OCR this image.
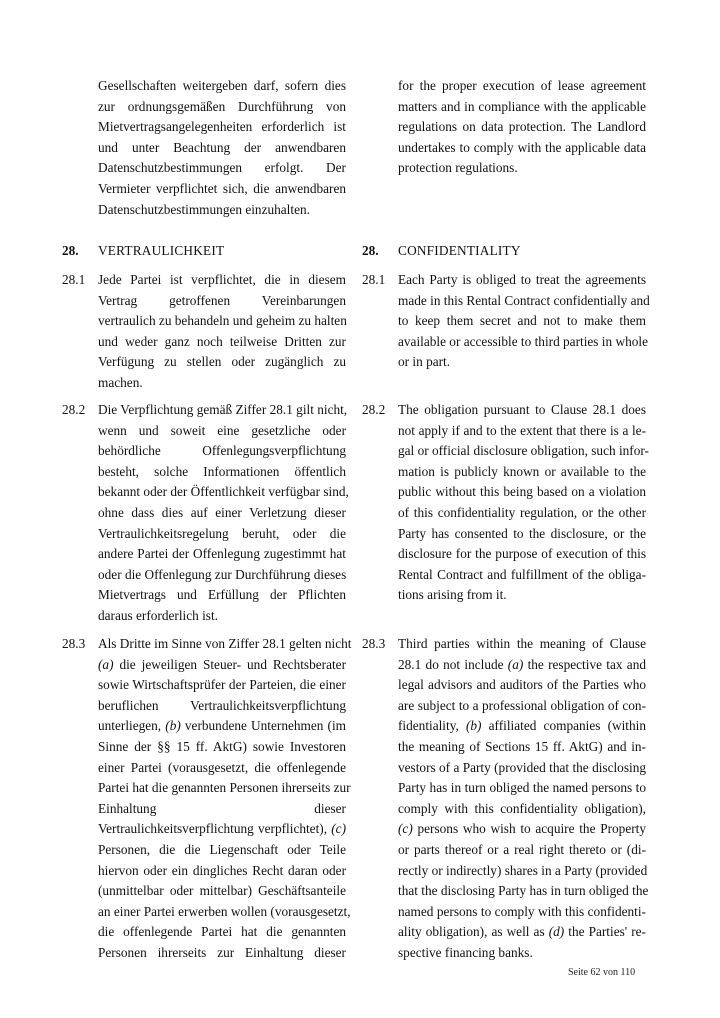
Gesellschaften weitergeben darf, sofern dies
zur ordnungsgemäßen Durchführung von
Mietvertragsangelegenheiten erforderlich ist
und unter Beachtung der anwendbaren
Datenschutzbestimmungen erfolgt. Der
Vermieter verpflichtet sich, die anwendbaren
Datenschutzbestimmungen einzuhalten.
28. VERTRAULICHKEIT
28.1 Jede Partei ist verpflichtet, die in diesem
Vertrag getroffenen Vereinbarungen
vertraulich zu behandeln und geheim zu halten
und weder ganz noch teilweise Dritten zur
Verfügung zu stellen oder zugänglich zu
machen.
28.2 Die Verpflichtung gemäß Ziffer 28.1 gilt nicht,
wenn und soweit eine gesetzliche oder
behördliche Offenlegungsverpflichtung
besteht, solche Informationen öffentlich
bekannt oder der Öffentlichkeit verfügbar sind,
ohne dass dies auf einer Verletzung dieser
Vertraulichkeitsregelung beruht, oder die
andere Partei der Offenlegung zugestimmt hat
oder die Offenlegung zur Durchführung dieses
Mietvertrags und Erfüllung der Pflichten
daraus erforderlich ist.
28.3 Als Dritte im Sinne von Ziffer 28.1 gelten nicht
(a) die jeweiligen Steuer- und Rechtsberater
sowie Wirtschaftsprüfer der Parteien, die einer
beruflichen Vertraulichkeitsverpflichtung
unterliegen, (b) verbundene Unternehmen (im
Sinne der §§ 15 ff. AktG) sowie Investoren
einer Partei (vorausgesetzt, die offenlegende
Partei hat die genannten Personen ihrerseits zur
Einhaltung dieser
Vertraulichkeitsverpflichtung verpflichtet), (c)
Personen, die die Liegenschaft oder Teile
hiervon oder ein dingliches Recht daran oder
(unmittelbar oder mittelbar) Geschäftsanteile
an einer Partei erwerben wollen (vorausgesetzt,
die offenlegende Partei hat die genannten
Personen ihrerseits zur Einhaltung dieser
for the proper execution of lease agreement
matters and in compliance with the applicable
regulations on data protection. The Landlord
undertakes to comply with the applicable data
protection regulations.
28. CONFIDENTIALITY
28.1 Each Party is obliged to treat the agreements
made in this Rental Contract confidentially and
to keep them secret and not to make them
available or accessible to third parties in whole
or in part.
28.2 The obligation pursuant to Clause 28.1 does
not apply if and to the extent that there is a le-
gal or official disclosure obligation, such infor-
mation is publicly known or available to the
public without this being based on a violation
of this confidentiality regulation, or the other
Party has consented to the disclosure, or the
disclosure for the purpose of execution of this
Rental Contract and fulfillment of the obliga-
tions arising from it.
28.3 Third parties within the meaning of Clause
28.1 do not include (a) the respective tax and
legal advisors and auditors of the Parties who
are subject to a professional obligation of con-
fidentiality, (b) affiliated companies (within
the meaning of Sections 15 ff. AktG) and in-
vestors of a Party (provided that the disclosing
Party has in turn obliged the named persons to
comply with this confidentiality obligation),
(c) persons who wish to acquire the Property
or parts thereof or a real right thereto or (di-
rectly or indirectly) shares in a Party (provided
that the disclosing Party has in turn obliged the
named persons to comply with this confidenti-
ality obligation), as well as (d) the Parties' re-
spective financing banks.
Seite 62 von 110
